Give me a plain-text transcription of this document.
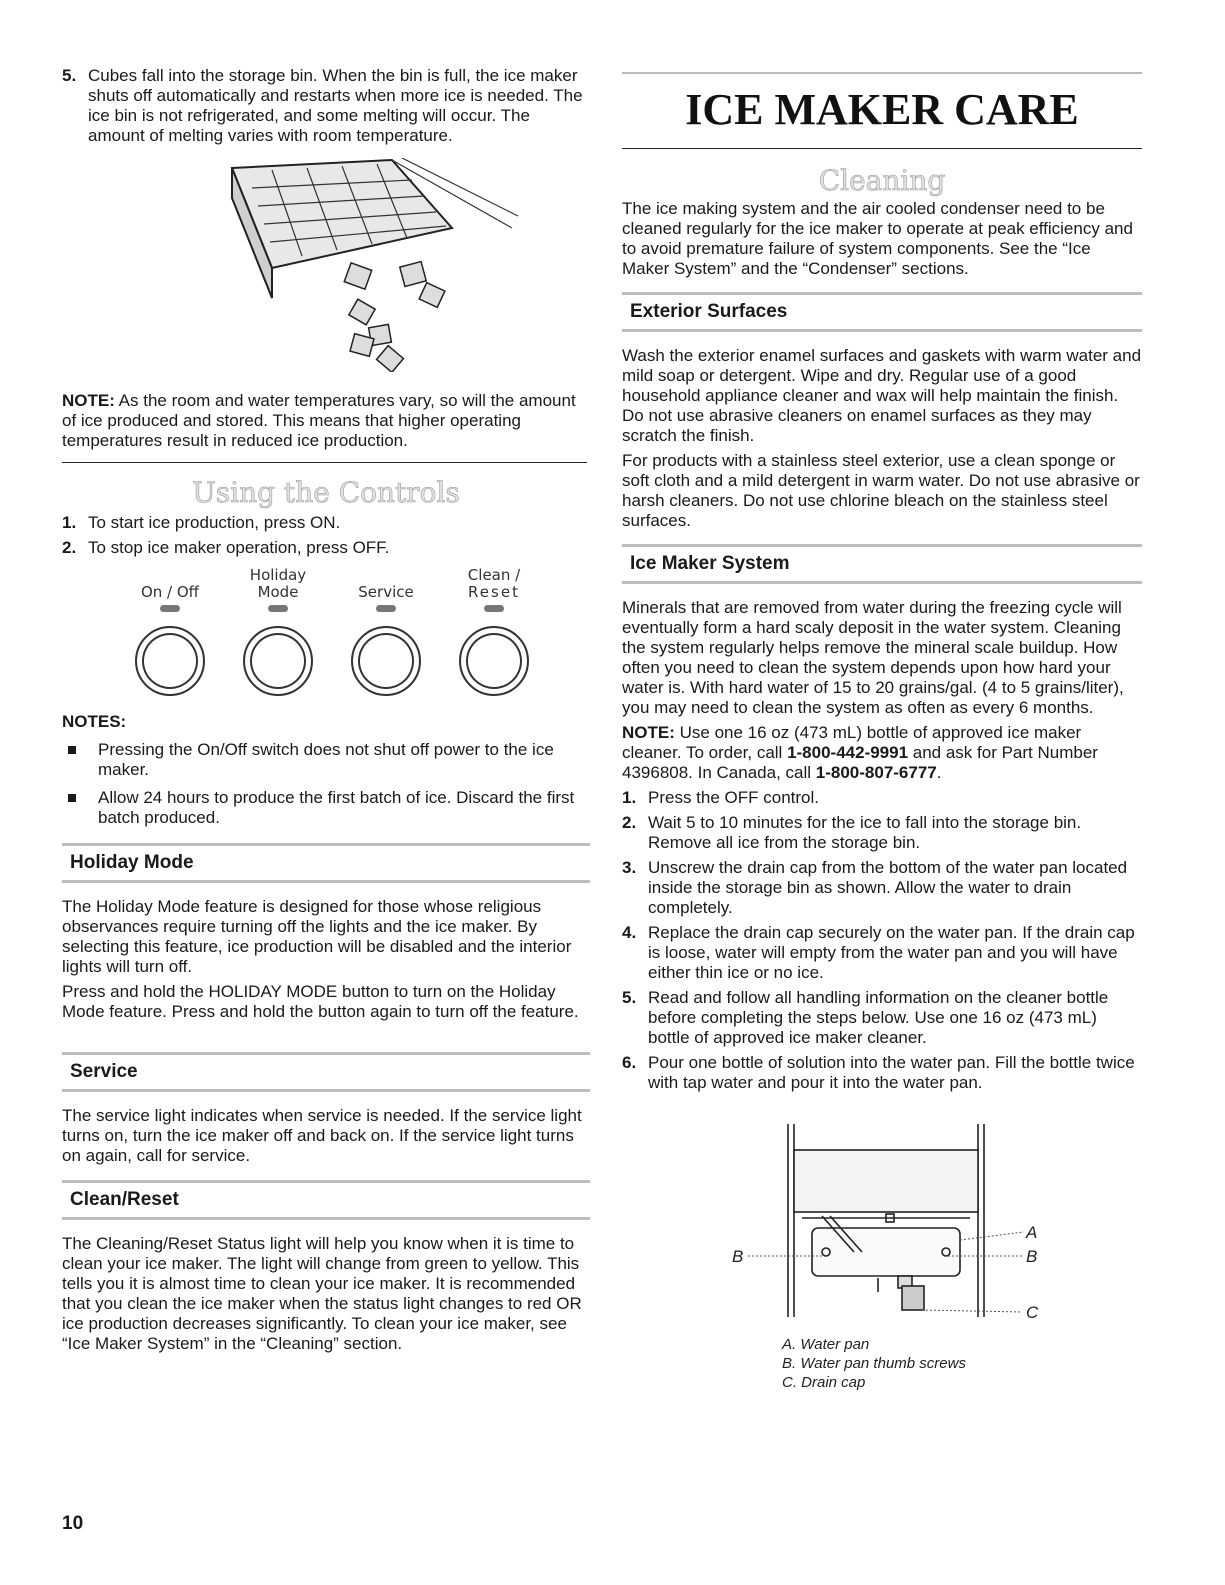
5. Cubes fall into the storage bin. When the bin is full, the ice maker shuts off automatically and restarts when more ice is needed. The ice bin is not refrigerated, and some melting will occur. The amount of melting varies with room temperature.

NOTE: As the room and water temperatures vary, so will the amount of ice produced and stored. This means that higher operating temperatures result in reduced ice production.

Using the Controls
1. To start ice production, press ON.
2. To stop ice maker operation, press OFF.
On / Off
Holiday
Mode	Service
Clean /
Reset
NOTES:
Pressing the On/Off switch does not shut off power to the ice maker.
Allow 24 hours to produce the first batch of ice. Discard the first batch produced.
Holiday Mode

The Holiday Mode feature is designed for those whose religious observances require turning off the lights and the ice maker. By selecting this feature, ice production will be disabled and the interior lights will turn off.

Press and hold the HOLIDAY MODE button to turn on the Holiday Mode feature. Press and hold the button again to turn off the feature.

Service

The service light indicates when service is needed. If the service light turns on, turn the ice maker off and back on. If the service light turns on again, call for service.

Clean/Reset

The Cleaning/Reset Status light will help you know when it is time to clean your ice maker. The light will change from green to yellow. This tells you it is almost time to clean your ice maker. It is recommended that you clean the ice maker when the status light changes to red OR ice production decreases significantly. To clean your ice maker, see “Ice Maker System” in the “Cleaning” section.

10
ICE MAKER CARE
Cleaning

The ice making system and the air cooled condenser need to be cleaned regularly for the ice maker to operate at peak efficiency and to avoid premature failure of system components. See the “Ice Maker System” and the “Condenser” sections.

Exterior Surfaces

Wash the exterior enamel surfaces and gaskets with warm water and mild soap or detergent. Wipe and dry. Regular use of a good household appliance cleaner and wax will help maintain the finish. Do not use abrasive cleaners on enamel surfaces as they may scratch the finish.

For products with a stainless steel exterior, use a clean sponge or soft cloth and a mild detergent in warm water. Do not use abrasive or harsh cleaners. Do not use chlorine bleach on the stainless steel surfaces.

Ice Maker System

Minerals that are removed from water during the freezing cycle will eventually form a hard scaly deposit in the water system. Cleaning the system regularly helps remove the mineral scale buildup. How often you need to clean the system depends upon how hard your water is. With hard water of 15 to 20 grains/gal. (4 to 5 grains/liter), you may need to clean the system as often as every 6 months.

NOTE: Use one 16 oz (473 mL) bottle of approved ice maker cleaner. To order, call 1-800-442-9991 and ask for Part Number 4396808. In Canada, call 1-800-807-6777.

1. Press the OFF control.
2. Wait 5 to 10 minutes for the ice to fall into the storage bin. Remove all ice from the storage bin.
3. Unscrew the drain cap from the bottom of the water pan located inside the storage bin as shown. Allow the water to drain completely.
4. Replace the drain cap securely on the water pan. If the drain cap is loose, water will empty from the water pan and you will have either thin ice or no ice.
5. Read and follow all handling information on the cleaner bottle before completing the steps below. Use one 16 oz (473 mL) bottle of approved ice maker cleaner.
6. Pour one bottle of solution into the water pan. Fill the bottle twice with tap water and pour it into the water pan.
B
A
B
C
A. Water pan
B. Water pan thumb screws
C. Drain cap
